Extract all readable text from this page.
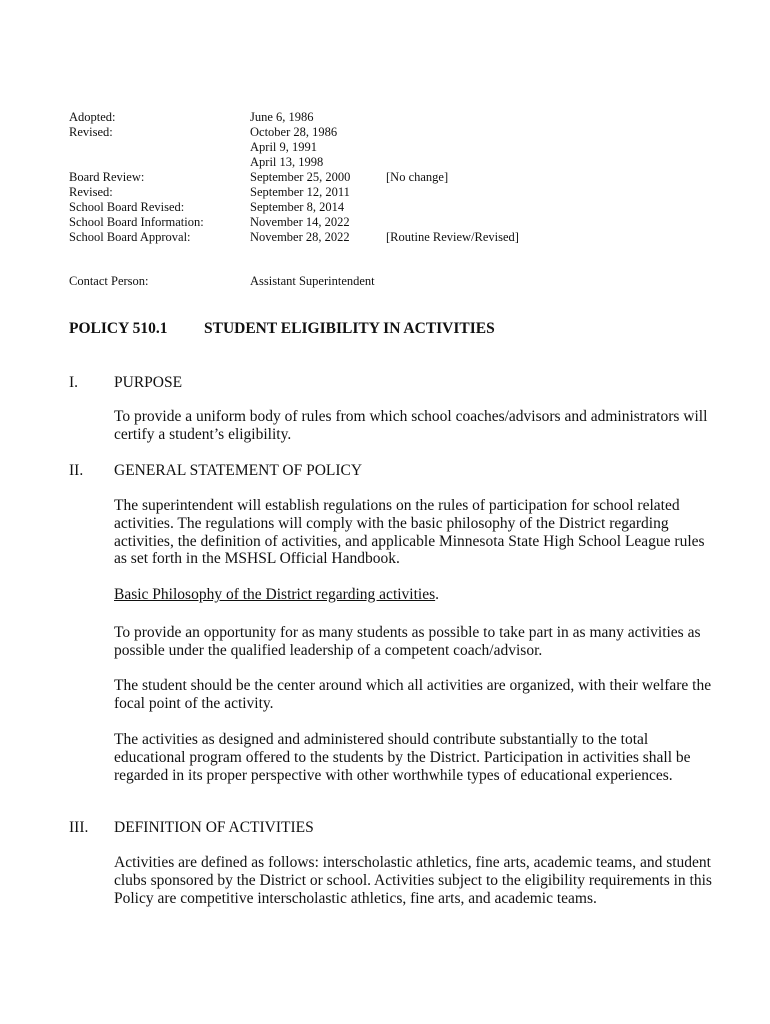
Adopted:	June 6, 1986
Revised:	October 28, 1986
April 9, 1991
April 13, 1998
Board Review:	September 25, 2000	[No change]
Revised:	September 12, 2011
School Board Revised:	September 8, 2014
School Board Information:	November 14, 2022
School Board Approval:	November 28, 2022	[Routine Review/Revised]
Contact Person:	Assistant Superintendent
POLICY 510.1 STUDENT ELIGIBILITY IN ACTIVITIES
I. PURPOSE
To provide a uniform body of rules from which school coaches/advisors and administrators will certify a student’s eligibility.
II. GENERAL STATEMENT OF POLICY
The superintendent will establish regulations on the rules of participation for school related activities. The regulations will comply with the basic philosophy of the District regarding activities, the definition of activities, and applicable Minnesota State High School League rules as set forth in the MSHSL Official Handbook.
Basic Philosophy of the District regarding activities.
To provide an opportunity for as many students as possible to take part in as many activities as possible under the qualified leadership of a competent coach/advisor.
The student should be the center around which all activities are organized, with their welfare the focal point of the activity.
The activities as designed and administered should contribute substantially to the total educational program offered to the students by the District. Participation in activities shall be regarded in its proper perspective with other worthwhile types of educational experiences.
III. DEFINITION OF ACTIVITIES
Activities are defined as follows: interscholastic athletics, fine arts, academic teams, and student clubs sponsored by the District or school. Activities subject to the eligibility requirements in this Policy are competitive interscholastic athletics, fine arts, and academic teams.
